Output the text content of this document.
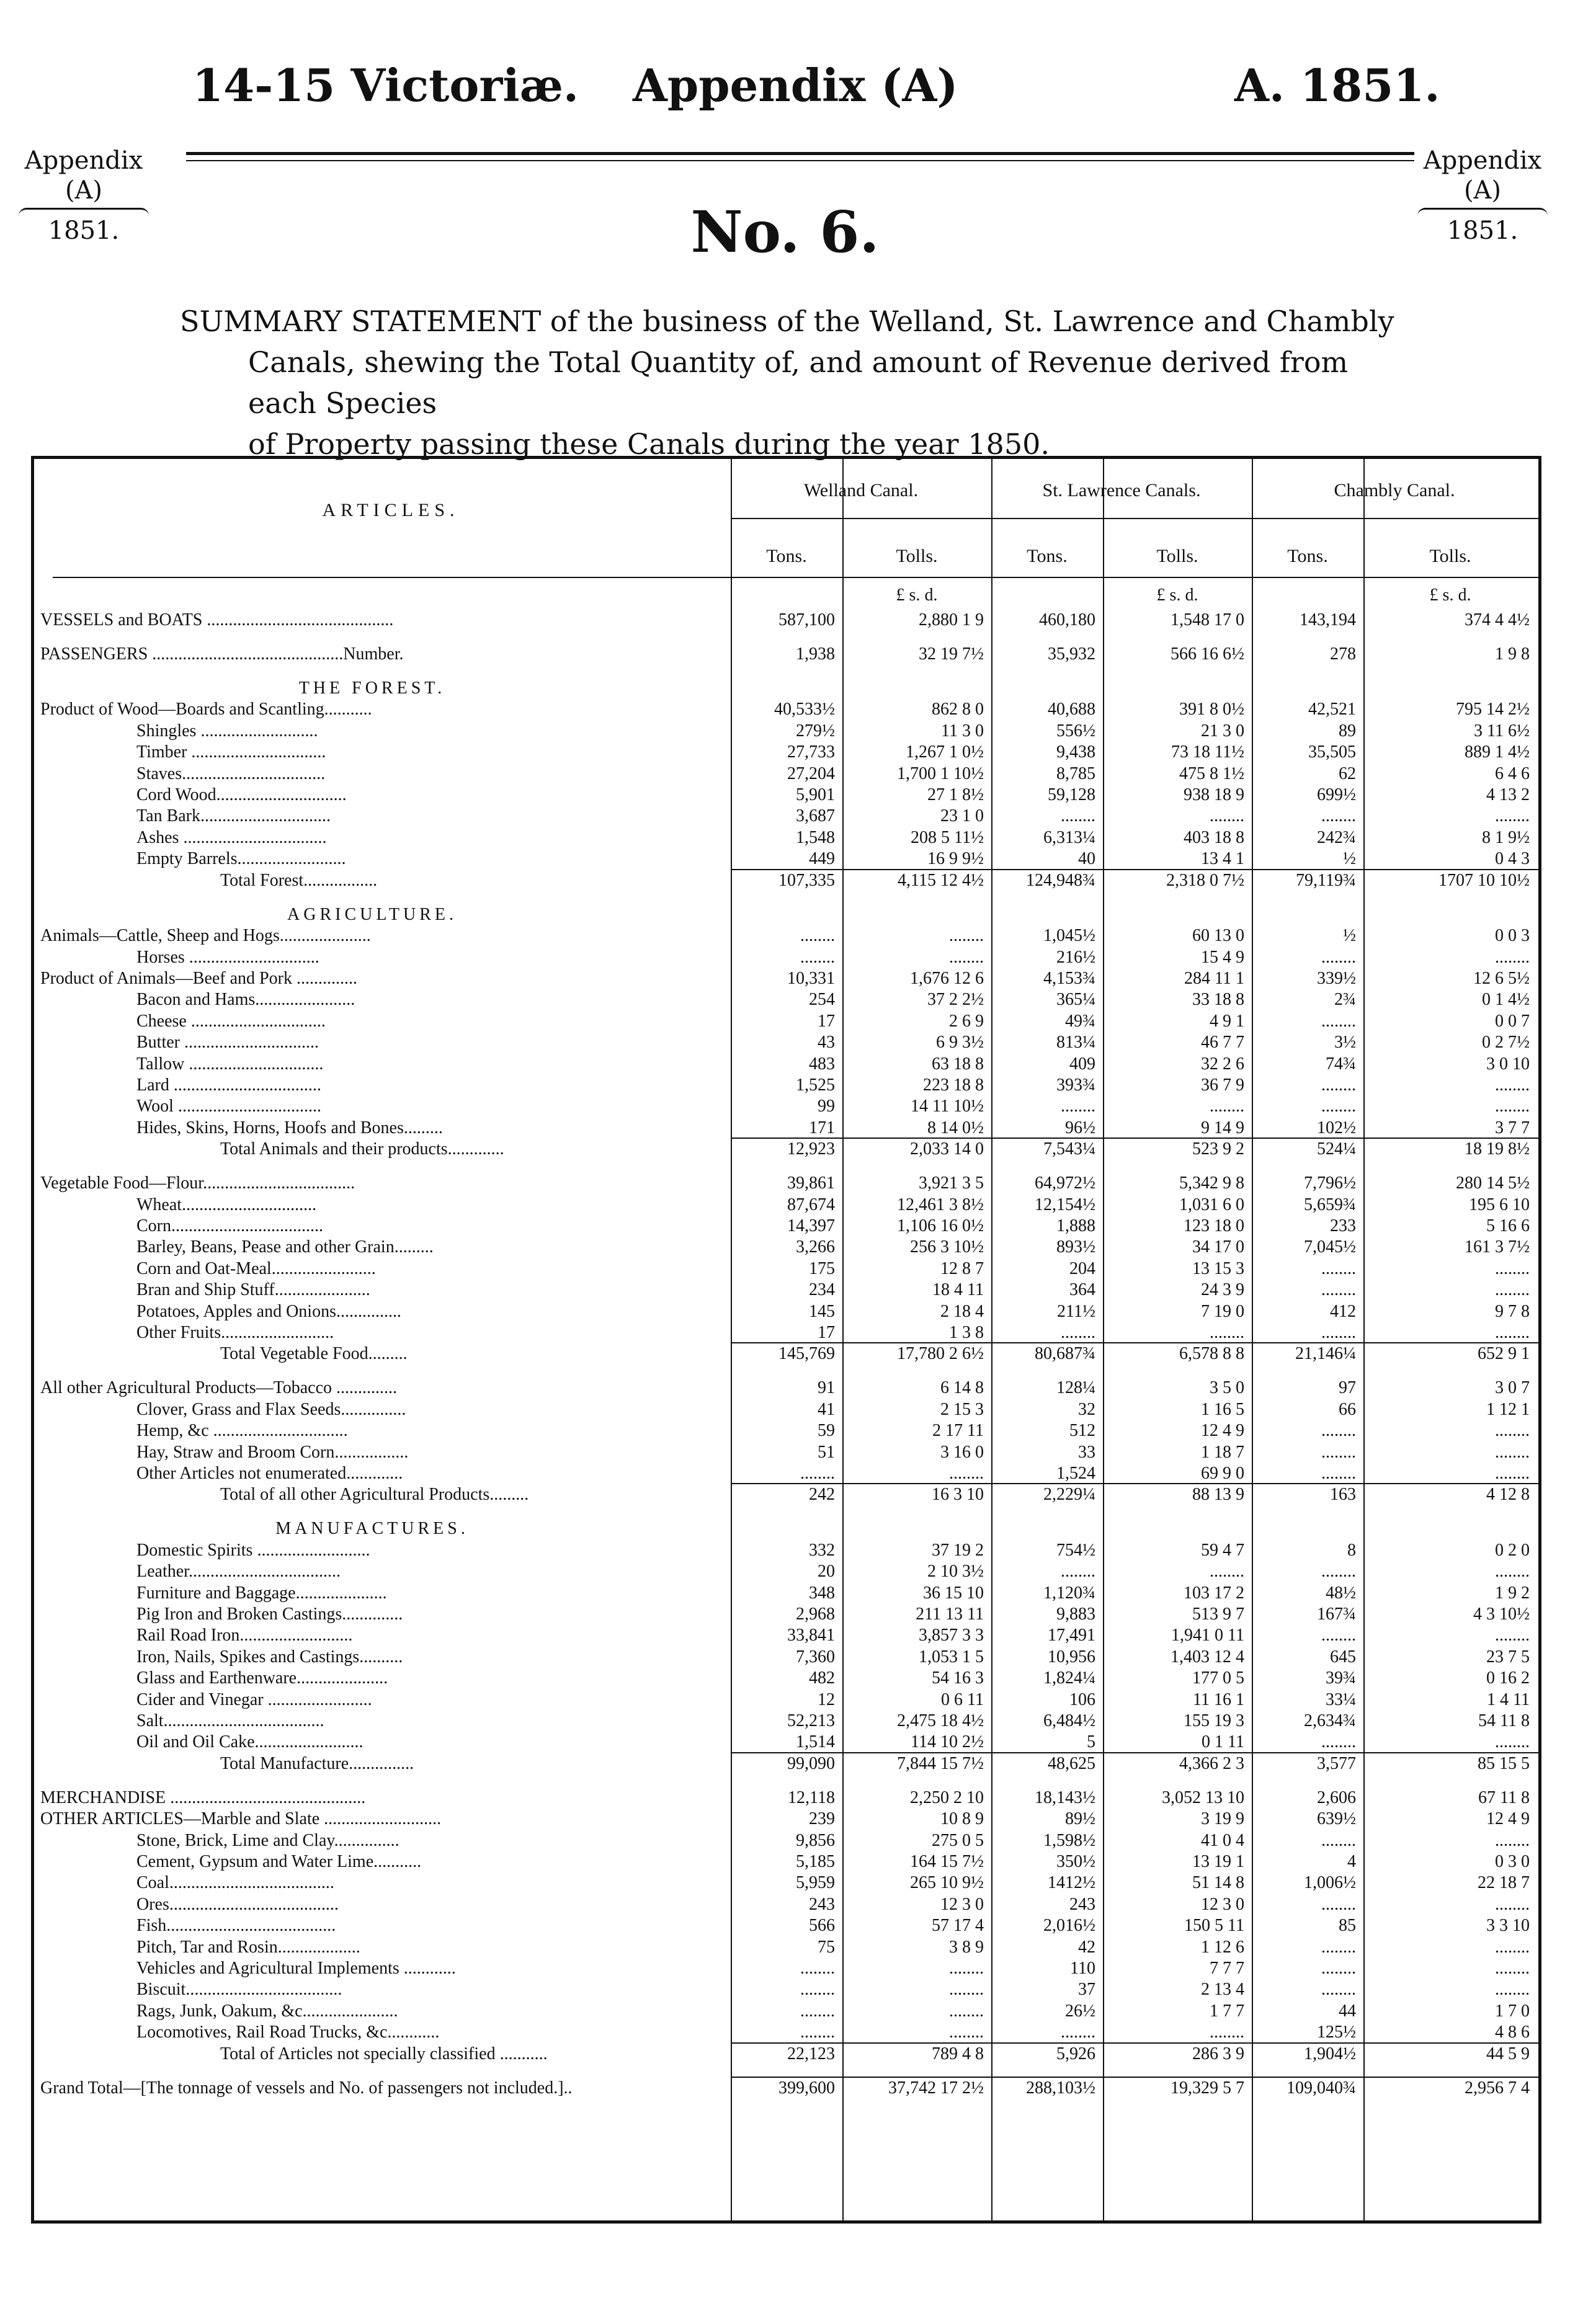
14-15 Victoriæ. Appendix (A)	A. 1851.
Appendix
(A)
1851.
Appendix
(A)
1851.
No. 6.
SUMMARY STATEMENT of the business of the Welland, St. Lawrence and Chambly
Canals, shewing the Total Quantity of, and amount of Revenue derived from each Species
of Property passing these Canals during the year 1850.
ARTICLES.
Welland Canal.	St. Lawrence Canals.	Chambly Canal.
Tons.	Tolls.	Tons.	Tolls.	Tons.	Tolls.
£ s. d.	£ s. d.	£ s. d.
VESSELS and BOATS ...........................................	587,100	2,880 1 9	460,180	1,548 17 0	143,194	374 4 4½
PASSENGERS ............................................Number.	1,938	32 19 7½	35,932	566 16 6½	278	1 9 8
THE FOREST.
Product of Wood—Boards and Scantling...........	40,533½	862 8 0	40,688	391 8 0½	42,521	795 14 2½
Shingles ...........................	279½	11 3 0	556½	21 3 0	89	3 11 6½
Timber ...............................	27,733	1,267 1 0½	9,438	73 18 11½	35,505	889 1 4½
Staves.................................	27,204	1,700 1 10½	8,785	475 8 1½	62	6 4 6
Cord Wood..............................	5,901	27 1 8½	59,128	938 18 9	699½	4 13 2
Tan Bark..............................	3,687	23 1 0	........	........	........	........
Ashes .................................	1,548	208 5 11½	6,313¼	403 18 8	242¾	8 1 9½
Empty Barrels.........................	449	16 9 9½	40	13 4 1	½	0 4 3
Total Forest.................	107,335	4,115 12 4½	124,948¾	2,318 0 7½	79,119¾	1707 10 10½
AGRICULTURE.
Animals—Cattle, Sheep and Hogs.....................	........	........	1,045½	60 13 0	½	0 0 3
Horses ..............................	........	........	216½	15 4 9	........	........
Product of Animals—Beef and Pork ..............	10,331	1,676 12 6	4,153¾	284 11 1	339½	12 6 5½
Bacon and Hams.......................	254	37 2 2½	365¼	33 18 8	2¾	0 1 4½
Cheese ...............................	17	2 6 9	49¾	4 9 1	........	0 0 7
Butter ...............................	43	6 9 3½	813¼	46 7 7	3½	0 2 7½
Tallow ...............................	483	63 18 8	409	32 2 6	74¾	3 0 10
Lard ..................................	1,525	223 18 8	393¾	36 7 9	........	........
Wool .................................	99	14 11 10½	........	........	........	........
Hides, Skins, Horns, Hoofs and Bones.........	171	8 14 0½	96½	9 14 9	102½	3 7 7
Total Animals and their products.............	12,923	2,033 14 0	7,543¼	523 9 2	524¼	18 19 8½
Vegetable Food—Flour...................................	39,861	3,921 3 5	64,972½	5,342 9 8	7,796½	280 14 5½
Wheat...............................	87,674	12,461 3 8½	12,154½	1,031 6 0	5,659¾	195 6 10
Corn...................................	14,397	1,106 16 0½	1,888	123 18 0	233	5 16 6
Barley, Beans, Pease and other Grain.........	3,266	256 3 10½	893½	34 17 0	7,045½	161 3 7½
Corn and Oat-Meal........................	175	12 8 7	204	13 15 3	........	........
Bran and Ship Stuff......................	234	18 4 11	364	24 3 9	........	........
Potatoes, Apples and Onions...............	145	2 18 4	211½	7 19 0	412	9 7 8
Other Fruits..........................	17	1 3 8	........	........	........	........
Total Vegetable Food.........	145,769	17,780 2 6½	80,687¾	6,578 8 8	21,146¼	652 9 1
All other Agricultural Products—Tobacco ..............	91	6 14 8	128¼	3 5 0	97	3 0 7
Clover, Grass and Flax Seeds...............	41	2 15 3	32	1 16 5	66	1 12 1
Hemp, &c ...............................	59	2 17 11	512	12 4 9	........	........
Hay, Straw and Broom Corn.................	51	3 16 0	33	1 18 7	........	........
Other Articles not enumerated.............	........	........	1,524	69 9 0	........	........
Total of all other Agricultural Products.........	242	16 3 10	2,229¼	88 13 9	163	4 12 8
MANUFACTURES.
Domestic Spirits ..........................	332	37 19 2	754½	59 4 7	8	0 2 0
Leather...................................	20	2 10 3½	........	........	........	........
Furniture and Baggage.....................	348	36 15 10	1,120¾	103 17 2	48½	1 9 2
Pig Iron and Broken Castings..............	2,968	211 13 11	9,883	513 9 7	167¾	4 3 10½
Rail Road Iron..........................	33,841	3,857 3 3	17,491	1,941 0 11	........	........
Iron, Nails, Spikes and Castings..........	7,360	1,053 1 5	10,956	1,403 12 4	645	23 7 5
Glass and Earthenware.....................	482	54 16 3	1,824¼	177 0 5	39¾	0 16 2
Cider and Vinegar ........................	12	0 6 11	106	11 16 1	33¼	1 4 11
Salt.....................................	52,213	2,475 18 4½	6,484½	155 19 3	2,634¾	54 11 8
Oil and Oil Cake.........................	1,514	114 10 2½	5	0 1 11	........	........
Total Manufacture...............	99,090	7,844 15 7½	48,625	4,366 2 3	3,577	85 15 5
MERCHANDISE .............................................	12,118	2,250 2 10	18,143½	3,052 13 10	2,606	67 11 8
OTHER ARTICLES—Marble and Slate ...........................	239	10 8 9	89½	3 19 9	639½	12 4 9
Stone, Brick, Lime and Clay...............	9,856	275 0 5	1,598½	41 0 4	........	........
Cement, Gypsum and Water Lime...........	5,185	164 15 7½	350½	13 19 1	4	0 3 0
Coal......................................	5,959	265 10 9½	1412½	51 14 8	1,006½	22 18 7
Ores.......................................	243	12 3 0	243	12 3 0	........	........
Fish.......................................	566	57 17 4	2,016½	150 5 11	85	3 3 10
Pitch, Tar and Rosin...................	75	3 8 9	42	1 12 6	........	........
Vehicles and Agricultural Implements ............	........	........	110	7 7 7	........	........
Biscuit....................................	........	........	37	2 13 4	........	........
Rags, Junk, Oakum, &c......................	........	........	26½	1 7 7	44	1 7 0
Locomotives, Rail Road Trucks, &c............	........	........	........	........	125½	4 8 6
Total of Articles not specially classified ...........	22,123	789 4 8	5,926	286 3 9	1,904½	44 5 9
Grand Total—[The tonnage of vessels and No. of passengers not included.]..	399,600	37,742 17 2½	288,103½	19,329 5 7	109,040¾	2,956 7 4
